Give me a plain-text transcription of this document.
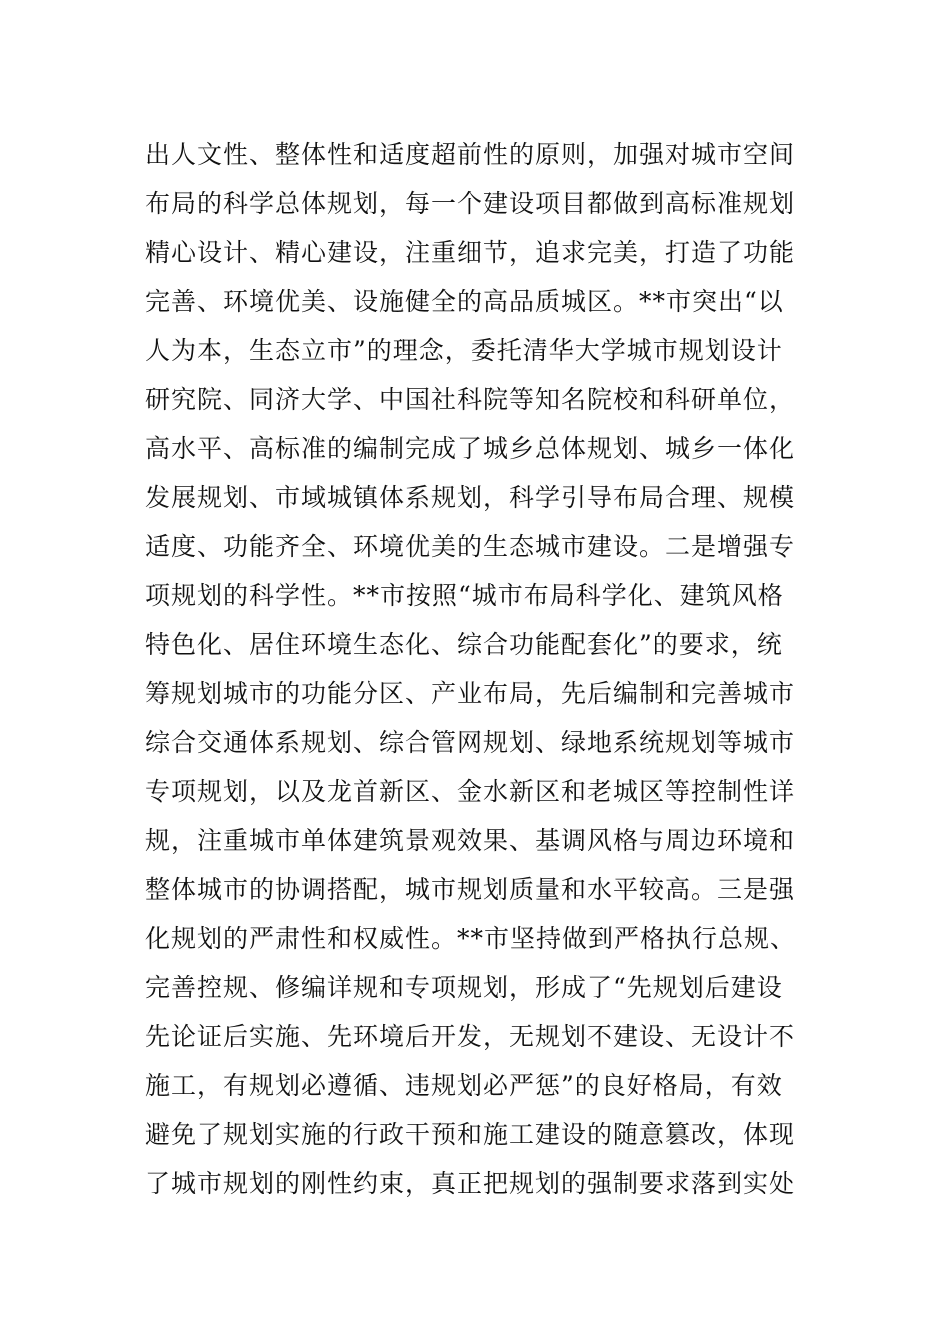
出人文性、整体性和适度超前性的原则，加强对城市空间
布局的科学总体规划，每一个建设项目都做到高标准规划
精心设计、精心建设，注重细节，追求完美，打造了功能
完善、环境优美、设施健全的高品质城区。**市突出“以
人为本，生态立市”的理念，委托清华大学城市规划设计
研究院、同济大学、中国社科院等知名院校和科研单位，
高水平、高标准的编制完成了城乡总体规划、城乡一体化
发展规划、市域城镇体系规划，科学引导布局合理、规模
适度、功能齐全、环境优美的生态城市建设。二是增强专
项规划的科学性。**市按照“城市布局科学化、建筑风格
特色化、居住环境生态化、综合功能配套化”的要求，统
筹规划城市的功能分区、产业布局，先后编制和完善城市
综合交通体系规划、综合管网规划、绿地系统规划等城市
专项规划，以及龙首新区、金水新区和老城区等控制性详
规，注重城市单体建筑景观效果、基调风格与周边环境和
整体城市的协调搭配，城市规划质量和水平较高。三是强
化规划的严肃性和权威性。**市坚持做到严格执行总规、
完善控规、修编详规和专项规划，形成了“先规划后建设
先论证后实施、先环境后开发，无规划不建设、无设计不
施工，有规划必遵循、违规划必严惩”的良好格局，有效
避免了规划实施的行政干预和施工建设的随意篡改，体现
了城市规划的刚性约束，真正把规划的强制要求落到实处
